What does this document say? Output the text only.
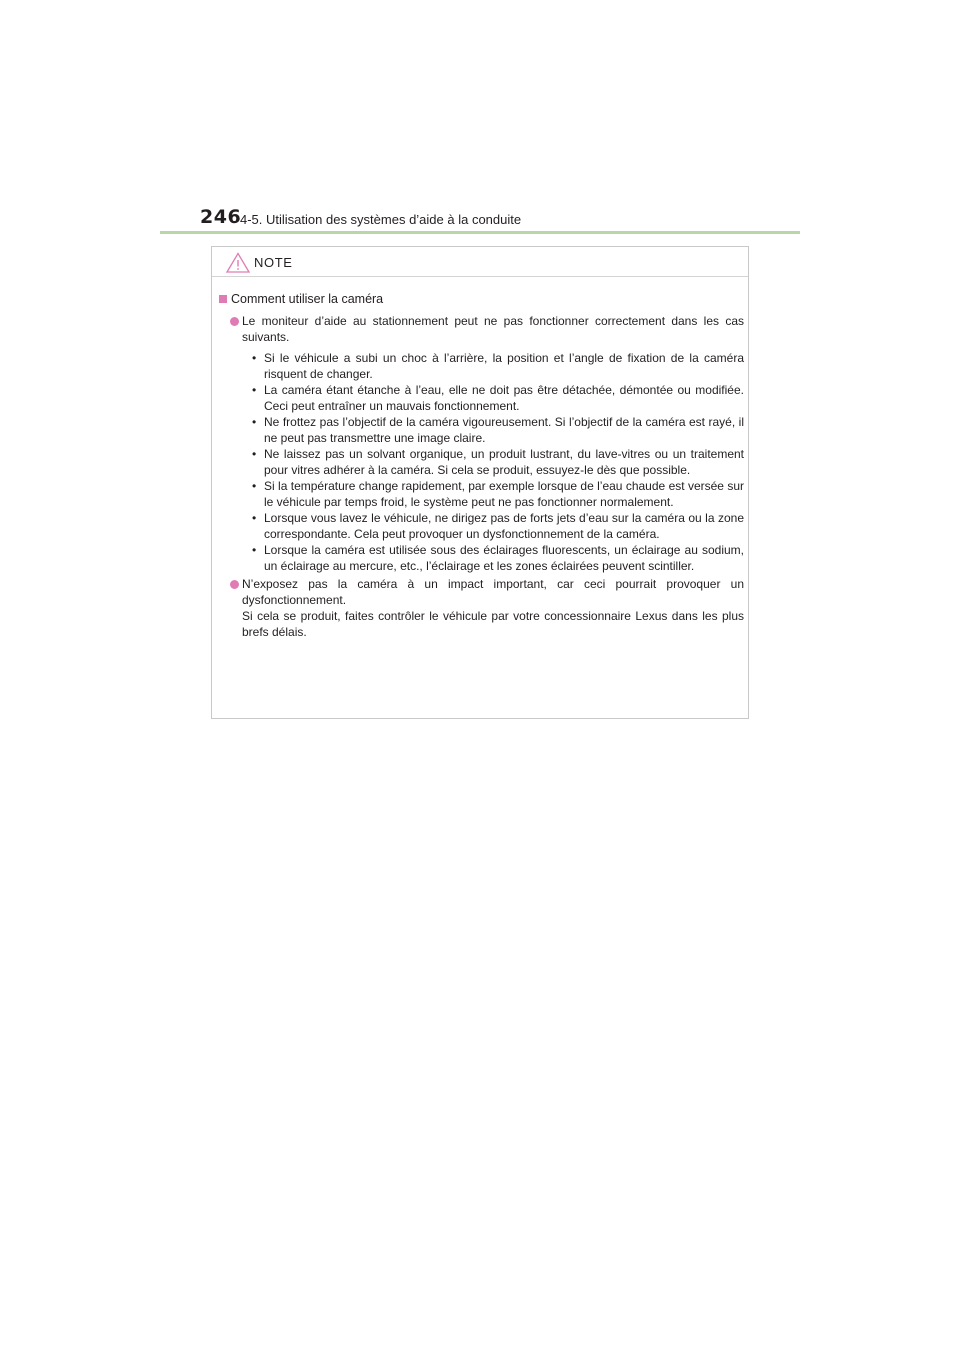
246
4-5. Utilisation des systèmes d’aide à la conduite
NOTE
Comment utiliser la caméra
Le moniteur d’aide au stationnement peut ne pas fonctionner correctement dans les cas suivants.
• Si le véhicule a subi un choc à l’arrière, la position et l’angle de fixation de la caméra risquent de changer.
• La caméra étant étanche à l’eau, elle ne doit pas être détachée, démontée ou modifiée. Ceci peut entraîner un mauvais fonctionnement.
• Ne frottez pas l’objectif de la caméra vigoureusement. Si l’objectif de la caméra est rayé, il ne peut pas transmettre une image claire.
• Ne laissez pas un solvant organique, un produit lustrant, du lave-vitres ou un traitement pour vitres adhérer à la caméra. Si cela se produit, essuyez-le dès que possible.
• Si la température change rapidement, par exemple lorsque de l’eau chaude est versée sur le véhicule par temps froid, le système peut ne pas fonctionner normalement.
• Lorsque vous lavez le véhicule, ne dirigez pas de forts jets d’eau sur la caméra ou la zone correspondante. Cela peut provoquer un dysfonctionnement de la caméra.
• Lorsque la caméra est utilisée sous des éclairages fluorescents, un éclairage au sodium, un éclairage au mercure, etc., l’éclairage et les zones éclairées peuvent scintiller.
N’exposez pas la caméra à un impact important, car ceci pourrait provoquer un dysfonctionnement.
Si cela se produit, faites contrôler le véhicule par votre concessionnaire Lexus dans les plus brefs délais.
